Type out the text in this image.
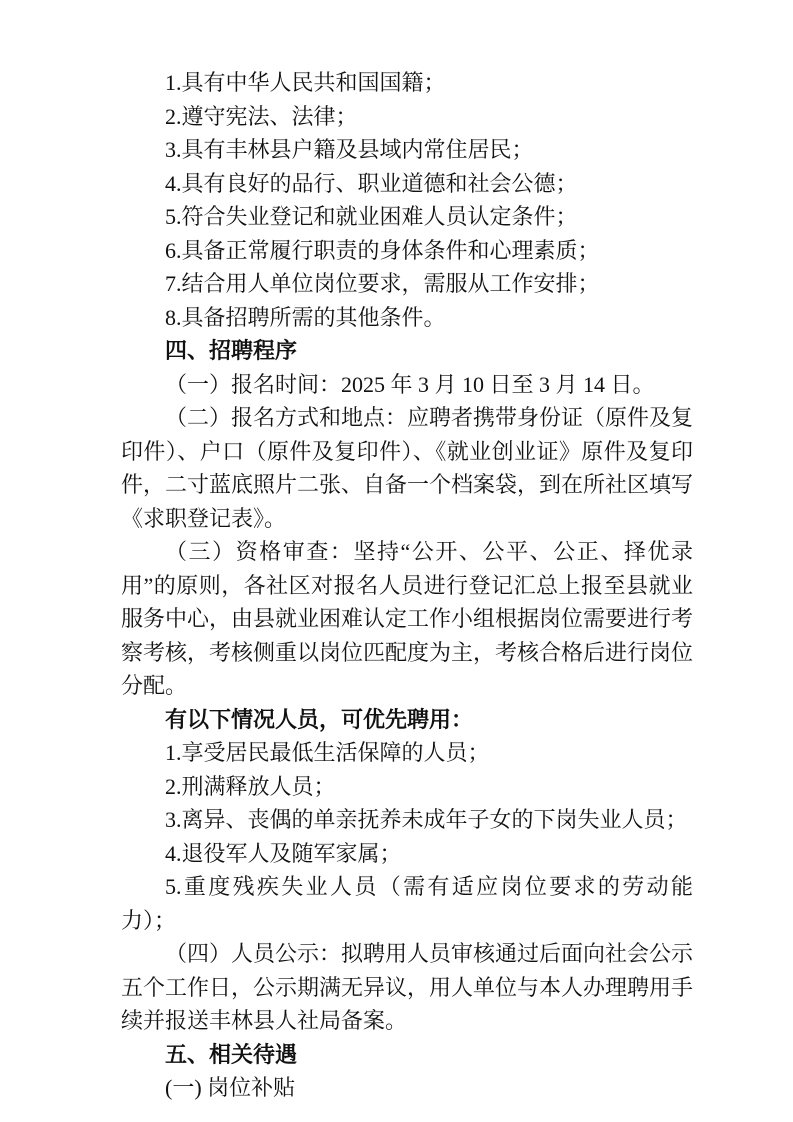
1.具有中华人民共和国国籍；

2.遵守宪法、法律；

3.具有丰林县户籍及县域内常住居民；

4.具有良好的品行、职业道德和社会公德；

5.符合失业登记和就业困难人员认定条件；

6.具备正常履行职责的身体条件和心理素质；

7.结合用人单位岗位要求，需服从工作安排；

8.具备招聘所需的其他条件。

四、招聘程序

（一）报名时间：2025 年 3 月 10 日至 3 月 14 日。

（二）报名方式和地点：应聘者携带身份证（原件及复印件）、户口（原件及复印件）、《就业创业证》原件及复印件，二寸蓝底照片二张、自备一个档案袋，到在所社区填写《求职登记表》。

（三）资格审查：坚持“公开、公平、公正、择优录用”的原则，各社区对报名人员进行登记汇总上报至县就业服务中心，由县就业困难认定工作小组根据岗位需要进行考察考核，考核侧重以岗位匹配度为主，考核合格后进行岗位分配。

有以下情况人员，可优先聘用：

1.享受居民最低生活保障的人员；

2.刑满释放人员；

3.离异、丧偶的单亲抚养未成年子女的下岗失业人员；

4.退役军人及随军家属；

5.重度残疾失业人员（需有适应岗位要求的劳动能力）；

（四）人员公示：拟聘用人员审核通过后面向社会公示五个工作日，公示期满无异议，用人单位与本人办理聘用手续并报送丰林县人社局备案。

五、相关待遇

(一) 岗位补贴
